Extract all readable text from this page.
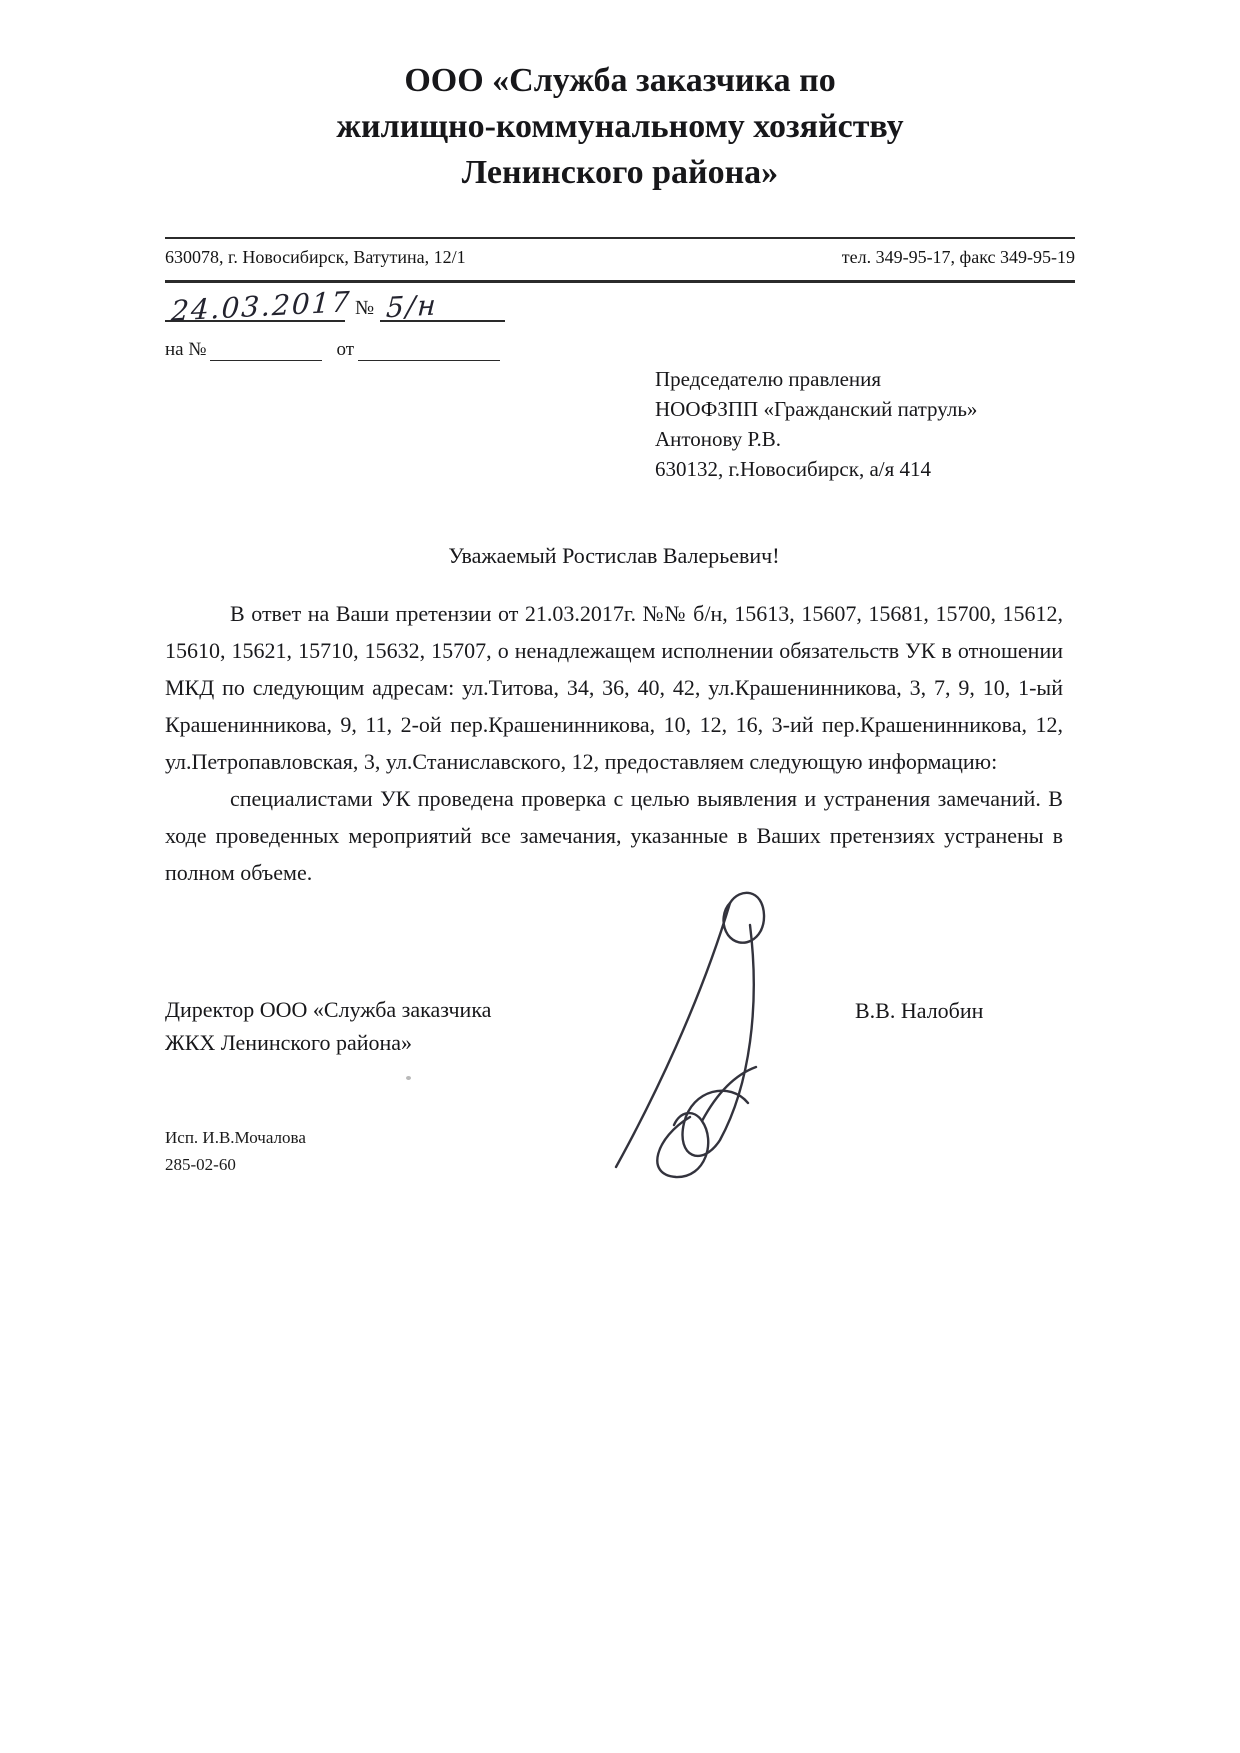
ООО «Служба заказчика по
жилищно-коммунальному хозяйству
Ленинского района»
630078, г. Новосибирск, Ватутина, 12/1	тел. 349-95-17, факс 349-95-19
24.03.2017 № 5/н
на №	от
Председателю правления
НООФЗПП «Гражданский патруль»
Антонову Р.В.
630132, г.Новосибирск, а/я 414
Уважаемый Ростислав Валерьевич!

В ответ на Ваши претензии от 21.03.2017г. №№ б/н, 15613, 15607, 15681, 15700, 15612, 15610, 15621, 15710, 15632, 15707, о ненадлежащем исполнении обязательств УК в отношении МКД по следующим адресам: ул.Титова, 34, 36, 40, 42, ул.Крашенинникова, 3, 7, 9, 10, 1-ый Крашенинникова, 9, 11, 2-ой пер.Крашенинникова, 10, 12, 16, 3-ий пер.Крашенинникова, 12, ул.Петропавловская, 3, ул.Станиславского, 12, предоставляем следующую информацию:

специалистами УК проведена проверка с целью выявления и устранения замечаний. В ходе проведенных мероприятий все замечания, указанные в Ваших претензиях устранены в полном объеме.

Директор ООО «Служба заказчика
ЖКХ Ленинского района»
В.В. Налобин
Исп. И.В.Мочалова
285-02-60
